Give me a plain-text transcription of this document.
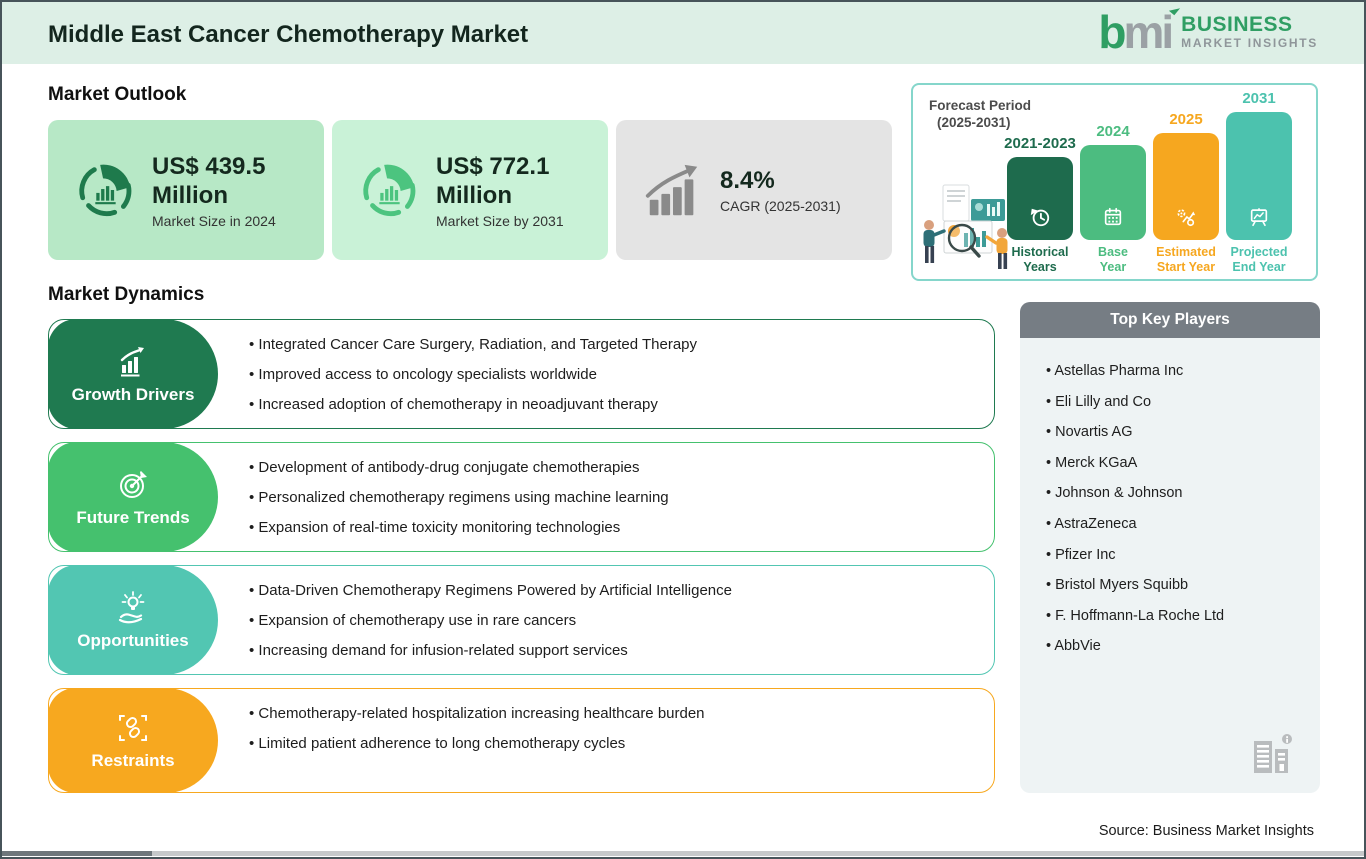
Middle East Cancer Chemotherapy Market	bmi BUSINESS
MARKET INSIGHTS
Market Outlook
US$ 439.5
Million
Market Size in 2024
US$ 772.1
Million
Market Size by 2031
8.4%
CAGR (2025-2031)
Forecast Period
(2025-2031)
2021-2023
2024
2025
2031
Historical
Years
Base
Year
Estimated
Start Year
Projected
End Year
Market Dynamics
Growth Drivers
• Integrated Cancer Care Surgery, Radiation, and Targeted Therapy
• Improved access to oncology specialists worldwide
• Increased adoption of chemotherapy in neoadjuvant therapy
Future Trends
• Development of antibody-drug conjugate chemotherapies
• Personalized chemotherapy regimens using machine learning
• Expansion of real-time toxicity monitoring technologies
Opportunities
• Data-Driven Chemotherapy Regimens Powered by Artificial Intelligence
• Expansion of chemotherapy use in rare cancers
• Increasing demand for infusion-related support services
Restraints
• Chemotherapy-related hospitalization increasing healthcare burden
• Limited patient adherence to long chemotherapy cycles
Top Key Players
• Astellas Pharma Inc
• Eli Lilly and Co
• Novartis AG
• Merck KGaA
• Johnson & Johnson
• AstraZeneca
• Pfizer Inc
• Bristol Myers Squibb
• F. Hoffmann-La Roche Ltd
• AbbVie
Source: Business Market Insights
